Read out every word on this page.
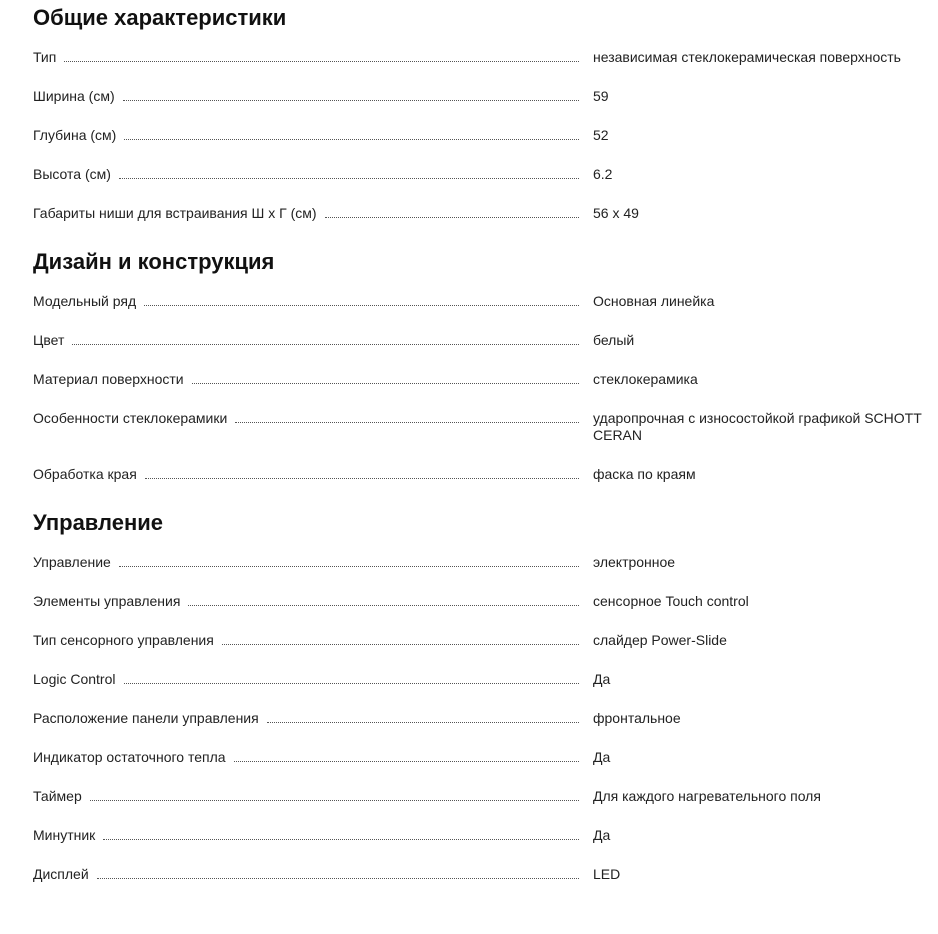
Общие характеристики
Тип	независимая стеклокерамическая поверхность
Ширина (см)	59
Глубина (см)	52
Высота (см)	6.2
Габариты ниши для встраивания Ш x Г (см)	56 x 49
Дизайн и конструкция
Модельный ряд	Основная линейка
Цвет	белый
Материал поверхности	стеклокерамика
Особенности стеклокерамики	ударопрочная с износостойкой графикой SCHOTT CERAN
Обработка края	фаска по краям
Управление
Управление	электронное
Элементы управления	сенсорное Touch control
Тип сенсорного управления	слайдер Power-Slide
Logic Control	Да
Расположение панели управления	фронтальное
Индикатор остаточного тепла	Да
Таймер	Для каждого нагревательного поля
Минутник	Да
Дисплей	LED
